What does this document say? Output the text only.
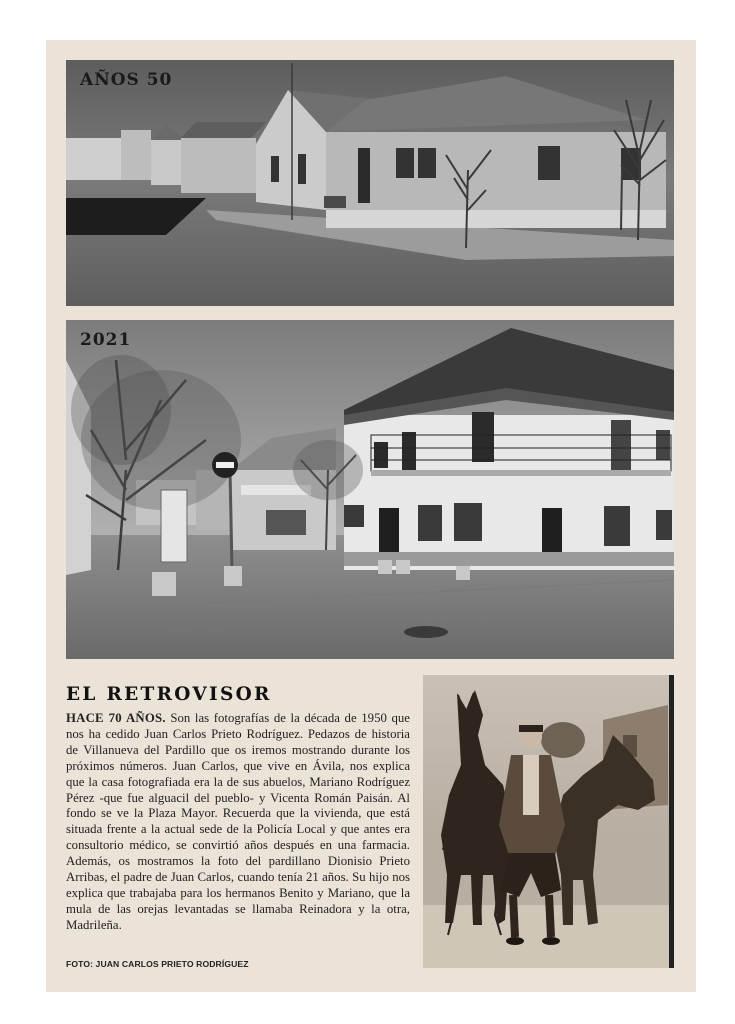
AÑOS 50
2021
EL RETROVISOR

HACE 70 AÑOS. Son las fotografías de la década de 1950 que nos ha cedido Juan Carlos Prieto Rodríguez. Pedazos de historia de Villanueva del Pardillo que os iremos mostrando durante los próximos números. Juan Carlos, que vive en Ávila, nos explica que la casa fotografiada era la de sus abuelos, Mariano Rodríguez Pérez -que fue alguacil del pueblo- y Vicenta Román Paisán. Al fondo se ve la Plaza Mayor. Recuerda que la vivienda, que está situada frente a la actual sede de la Policía Local y que antes era consultorio médico, se convirtió años después en una farmacia. Además, os mostramos la foto del pardillano Dionisio Prieto Arribas, el padre de Juan Carlos, cuando tenía 21 años. Su hijo nos explica que trabajaba para los hermanos Benito y Mariano, que la mula de las orejas levantadas se llamaba Reinadora y la otra, Madrileña.

FOTO: JUAN CARLOS PRIETO RODRÍGUEZ
